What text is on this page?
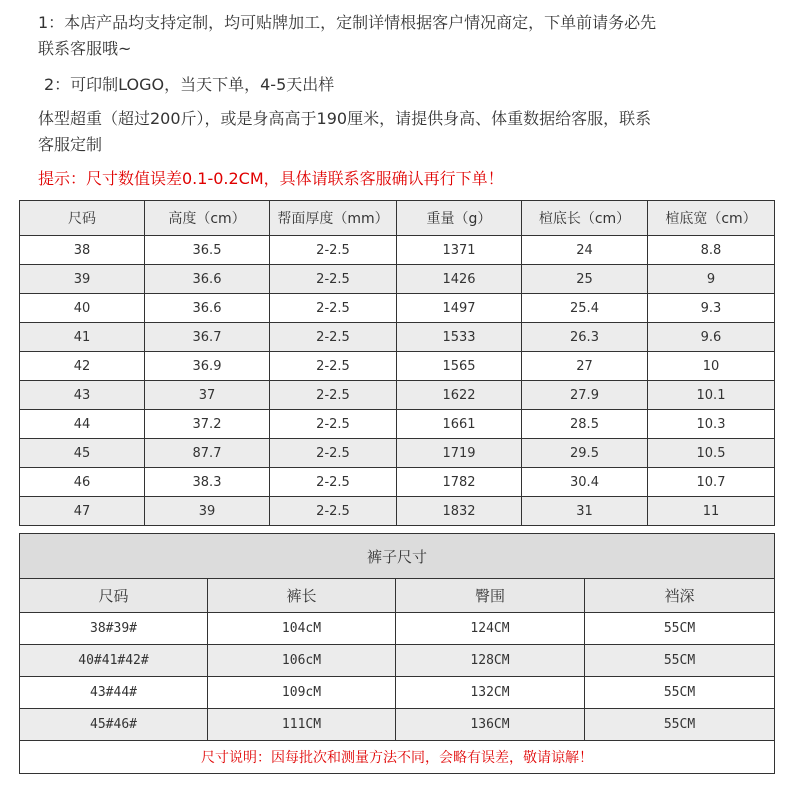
1：本店产品均支持定制，均可贴牌加工，定制详情根据客户情况商定，下单前请务必先

联系客服哦~

2：可印制LOGO，当天下单，4-5天出样

体型超重（超过200斤），或是身高高于190厘米，请提供身高、体重数据给客服，联系

客服定制

提示：尺寸数值误差0.1-0.2CM，具体请联系客服确认再行下单！

尺码	高度（cm）	帮面厚度（mm）	重量（g）	楦底长（cm）	楦底宽（cm）
38	36.5	2-2.5	1371	24	8.8
39	36.6	2-2.5	1426	25	9
40	36.6	2-2.5	1497	25.4	9.3
41	36.7	2-2.5	1533	26.3	9.6
42	36.9	2-2.5	1565	27	10
43	37	2-2.5	1622	27.9	10.1
44	37.2	2-2.5	1661	28.5	10.3
45	87.7	2-2.5	1719	29.5	10.5
46	38.3	2-2.5	1782	30.4	10.7
47	39	2-2.5	1832	31	11
裤子尺寸			
尺码	裤长	臀围	裆深
38#39#	104cM	124CM	55CM
40#41#42#	106cM	128CM	55CM
43#44#	109cM	132CM	55CM
45#46#	111CM	136CM	55CM
尺寸说明：因每批次和测量方法不同，会略有误差，敬请谅解！			
